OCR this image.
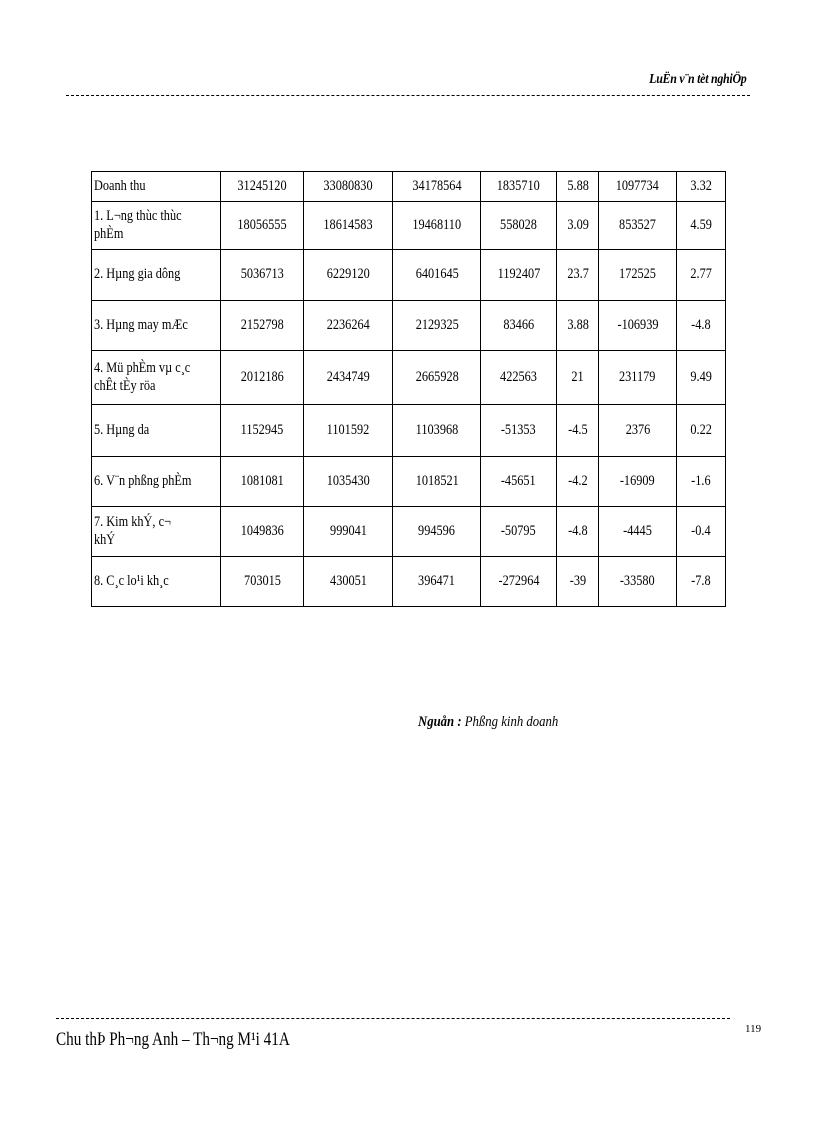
LuËn v¨n tèt nghiÖp
Doanh thu	31245120	33080830	34178564	1835710	5.88	1097734	3.32
1. L¬ng thùc thùc phÈm	18056555	18614583	19468110	558028	3.09	853527	4.59
2. Hµng gia dông	5036713	6229120	6401645	1192407	23.7	172525	2.77
3. Hµng may mÆc	2152798	2236264	2129325	83466	3.88	-106939	-4.8
4. Mü phÈm vµ c¸c chÊt tÈy röa	2012186	2434749	2665928	422563	21	231179	9.49
5. Hµng da	1152945	1101592	1103968	-51353	-4.5	2376	0.22
6. V¨n phßng phÈm	1081081	1035430	1018521	-45651	-4.2	-16909	-1.6
7. Kim khÝ, c¬ khÝ	1049836	999041	994596	-50795	-4.8	-4445	-0.4
8. C¸c lo¹i kh¸c	703015	430051	396471	-272964	-39	-33580	-7.8
Nguån : Phßng kinh doanh
Chu thÞ Ph¬ng Anh – Th¬ng M¹i 41A	119
